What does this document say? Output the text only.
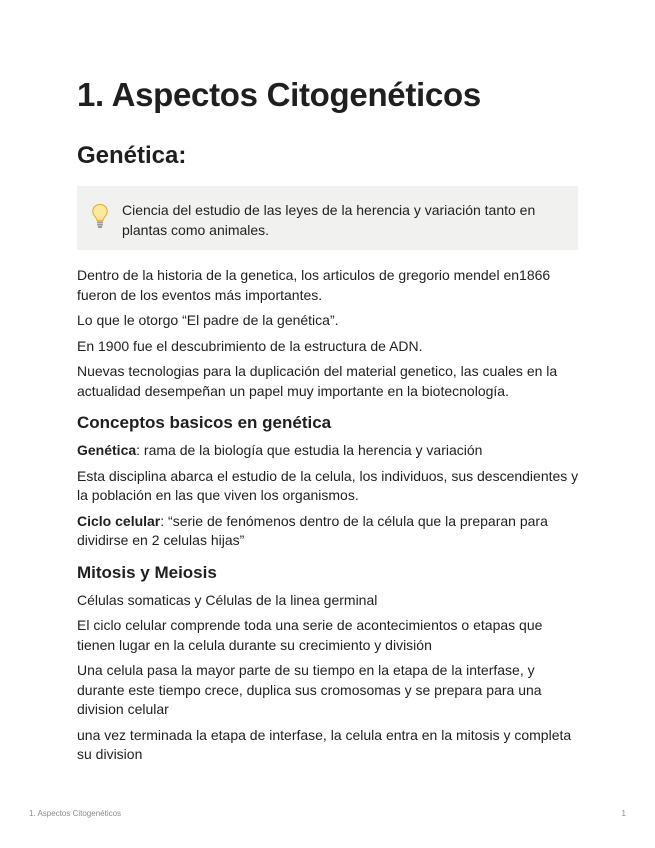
1. Aspectos Citogenéticos
Genética:
Ciencia del estudio de las leyes de la herencia y variación tanto en plantas como animales.

Dentro de la historia de la genetica, los articulos de gregorio mendel en1866 fueron de los eventos más importantes.

Lo que le otorgo “El padre de la genética”.

En 1900 fue el descubrimiento de la estructura de ADN.

Nuevas tecnologias para la duplicación del material genetico, las cuales en la actualidad desempeñan un papel muy importante en la biotecnología.

Conceptos basicos en genética

Genética: rama de la biología que estudia la herencia y variación

Esta disciplina abarca el estudio de la celula, los individuos, sus descendientes y la población en las que viven los organismos.

Ciclo celular: “serie de fenómenos dentro de la célula que la preparan para dividirse en 2 celulas hijas”

Mitosis y Meiosis

Células somaticas y Células de la linea germinal

El ciclo celular comprende toda una serie de acontecimientos o etapas que tienen lugar en la celula durante su crecimiento y división

Una celula pasa la mayor parte de su tiempo en la etapa de la interfase, y durante este tiempo crece, duplica sus cromosomas y se prepara para una division celular

una vez terminada la etapa de interfase, la celula entra en la mitosis y completa su division

1. Aspectos Citogenéticos	1
